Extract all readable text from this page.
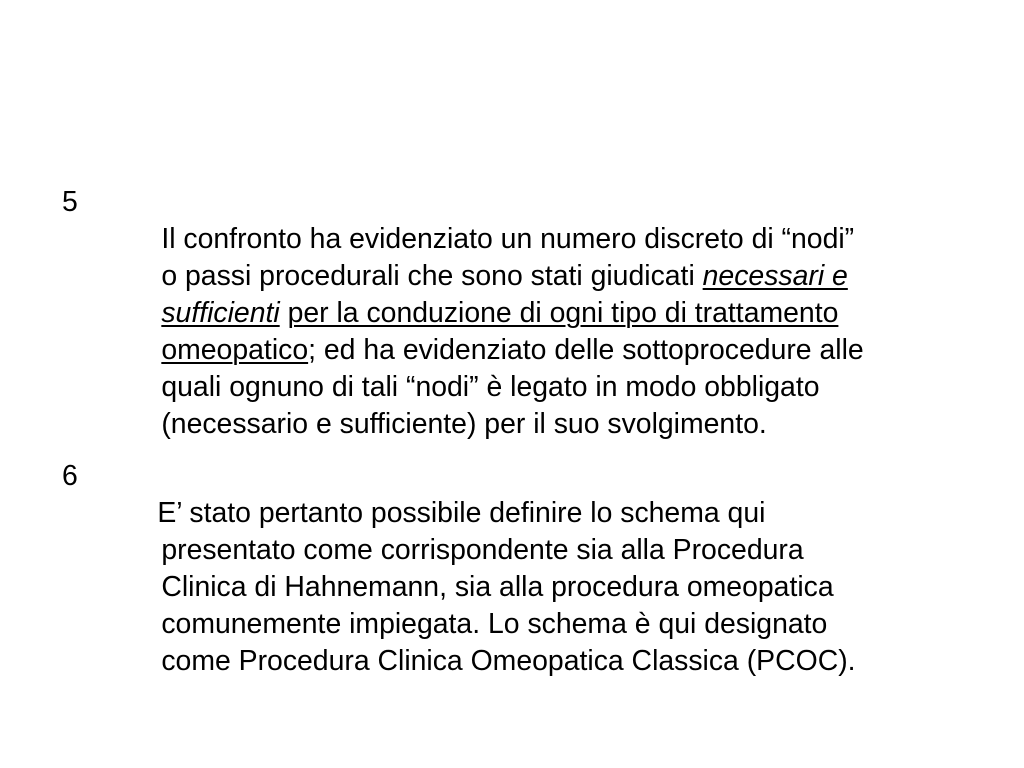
5

Il confronto ha evidenziato un numero discreto di “nodi”

o passi procedurali che sono stati giudicati necessari e

sufficienti per la conduzione di ogni tipo di trattamento

omeopatico; ed ha evidenziato delle sottoprocedure alle

quali ognuno di tali “nodi” è legato in modo obbligato

(necessario e sufficiente) per il suo svolgimento.

6

E’ stato pertanto possibile definire lo schema qui

presentato come corrispondente sia alla Procedura

Clinica di Hahnemann, sia alla procedura omeopatica

comunemente impiegata. Lo schema è qui designato

come Procedura Clinica Omeopatica Classica (PCOC).
